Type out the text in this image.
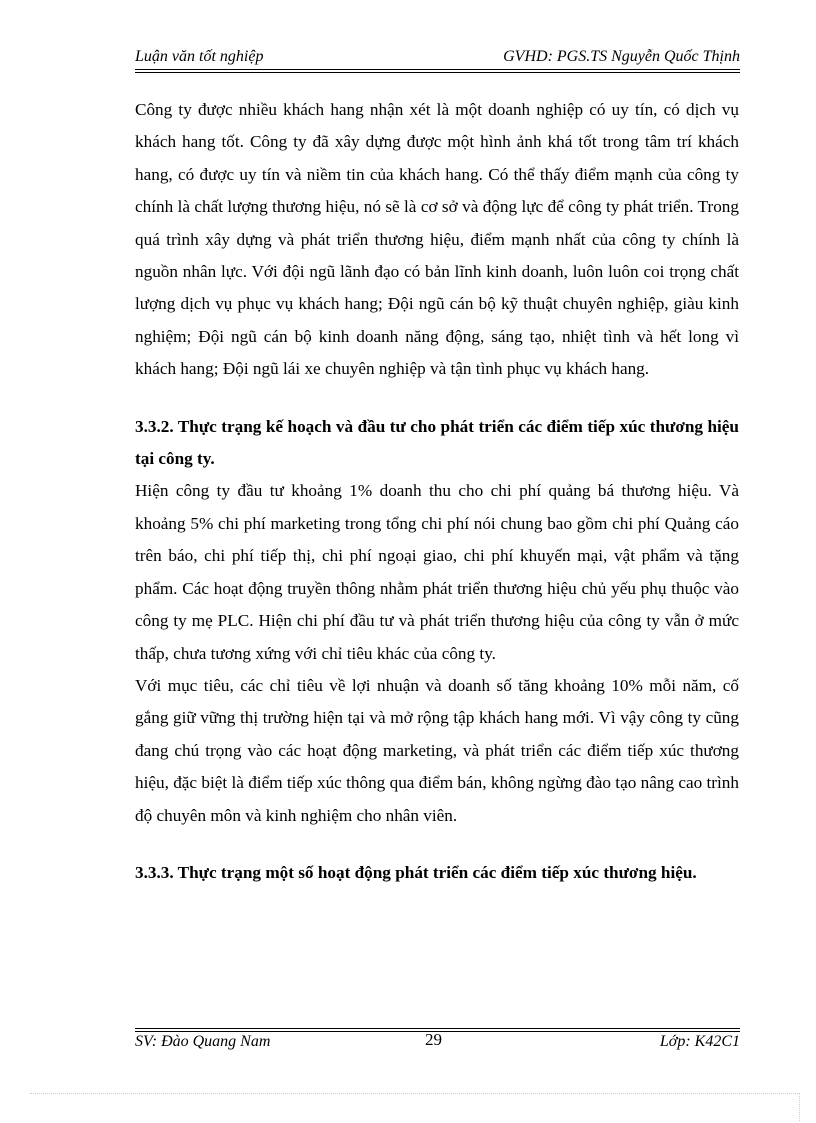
Luận văn tốt nghiệp	GVHD: PGS.TS Nguyễn Quốc Thịnh

Công ty được nhiều khách hang nhận xét là một doanh nghiệp có uy tín, có dịch vụ khách hang tốt. Công ty đã xây dựng được một hình ảnh khá tốt trong tâm trí khách hang, có được uy tín và niềm tin của khách hang. Có thể thấy điểm mạnh của công ty chính là chất lượng thương hiệu, nó sẽ là cơ sở và động lực để công ty phát triển. Trong quá trình xây dựng và phát triển thương hiệu, điểm mạnh nhất của công ty chính là nguồn nhân lực. Với đội ngũ lãnh đạo có bản lĩnh kinh doanh, luôn luôn coi trọng chất lượng dịch vụ phục vụ khách hang; Đội ngũ cán bộ kỹ thuật chuyên nghiệp, giàu kinh nghiệm; Đội ngũ cán bộ kinh doanh năng động, sáng tạo, nhiệt tình và hết long vì khách hang; Đội ngũ lái xe chuyên nghiệp và tận tình phục vụ khách hang.

3.3.2. Thực trạng kế hoạch và đầu tư cho phát triển các điểm tiếp xúc thương hiệu tại công ty.

Hiện công ty đầu tư khoảng 1% doanh thu cho chi phí quảng bá thương hiệu. Và khoảng 5% chi phí marketing trong tổng chi phí nói chung bao gồm chi phí Quảng cáo trên báo, chi phí tiếp thị, chi phí ngoại giao, chi phí khuyến mại, vật phẩm và tặng phẩm. Các hoạt động truyền thông nhằm phát triển thương hiệu chủ yếu phụ thuộc vào công ty mẹ PLC. Hiện chi phí đầu tư và phát triển thương hiệu của công ty vẫn ở mức thấp, chưa tương xứng với chỉ tiêu khác của công ty.

Với mục tiêu, các chỉ tiêu về lợi nhuận và doanh số tăng khoảng 10% mỗi năm, cố gắng giữ vững thị trường hiện tại và mở rộng tập khách hang mới. Vì vậy công ty cũng đang chú trọng vào các hoạt động marketing, và phát triển các điểm tiếp xúc thương hiệu, đặc biệt là điểm tiếp xúc thông qua điểm bán, không ngừng đào tạo nâng cao trình độ chuyên môn và kinh nghiệm cho nhân viên.

3.3.3. Thực trạng một số hoạt động phát triển các điểm tiếp xúc thương hiệu.
SV: Đào Quang Nam	29	Lớp: K42C1
